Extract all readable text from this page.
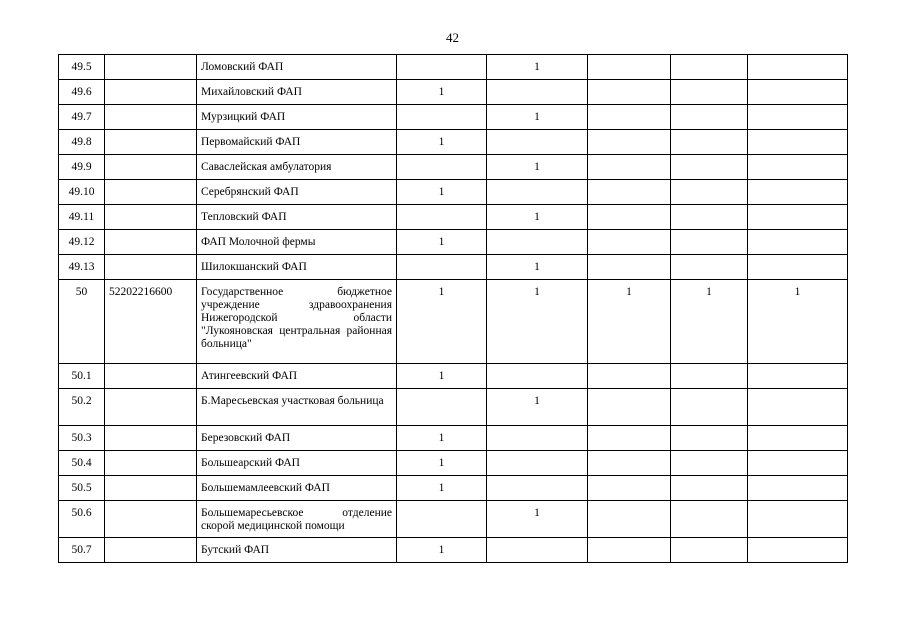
42
49.5		Ломовский ФАП		1			
49.6		Михайловский ФАП	1				
49.7		Мурзицкий ФАП		1			
49.8		Первомайский ФАП	1				
49.9		Саваслейская амбулатория		1			
49.10		Серебрянский ФАП	1				
49.11		Тепловский ФАП		1			
49.12		ФАП Молочной фермы	1				
49.13		Шилокшанский ФАП		1			
50	52202216600	Государственное бюджетное учреждение здравоохранения Нижегородской области "Лукояновская центральная районная больница"	1	1	1	1	1
50.1		Атингеевский ФАП	1				
50.2		Б.Маресьевская участковая больница		1			
50.3		Березовский ФАП	1				
50.4		Большеарский ФАП	1				
50.5		Большемамлеевский ФАП	1				
50.6		Большемаресьевское отделение скорой медицинской помощи		1			
50.7		Бутский ФАП	1				
